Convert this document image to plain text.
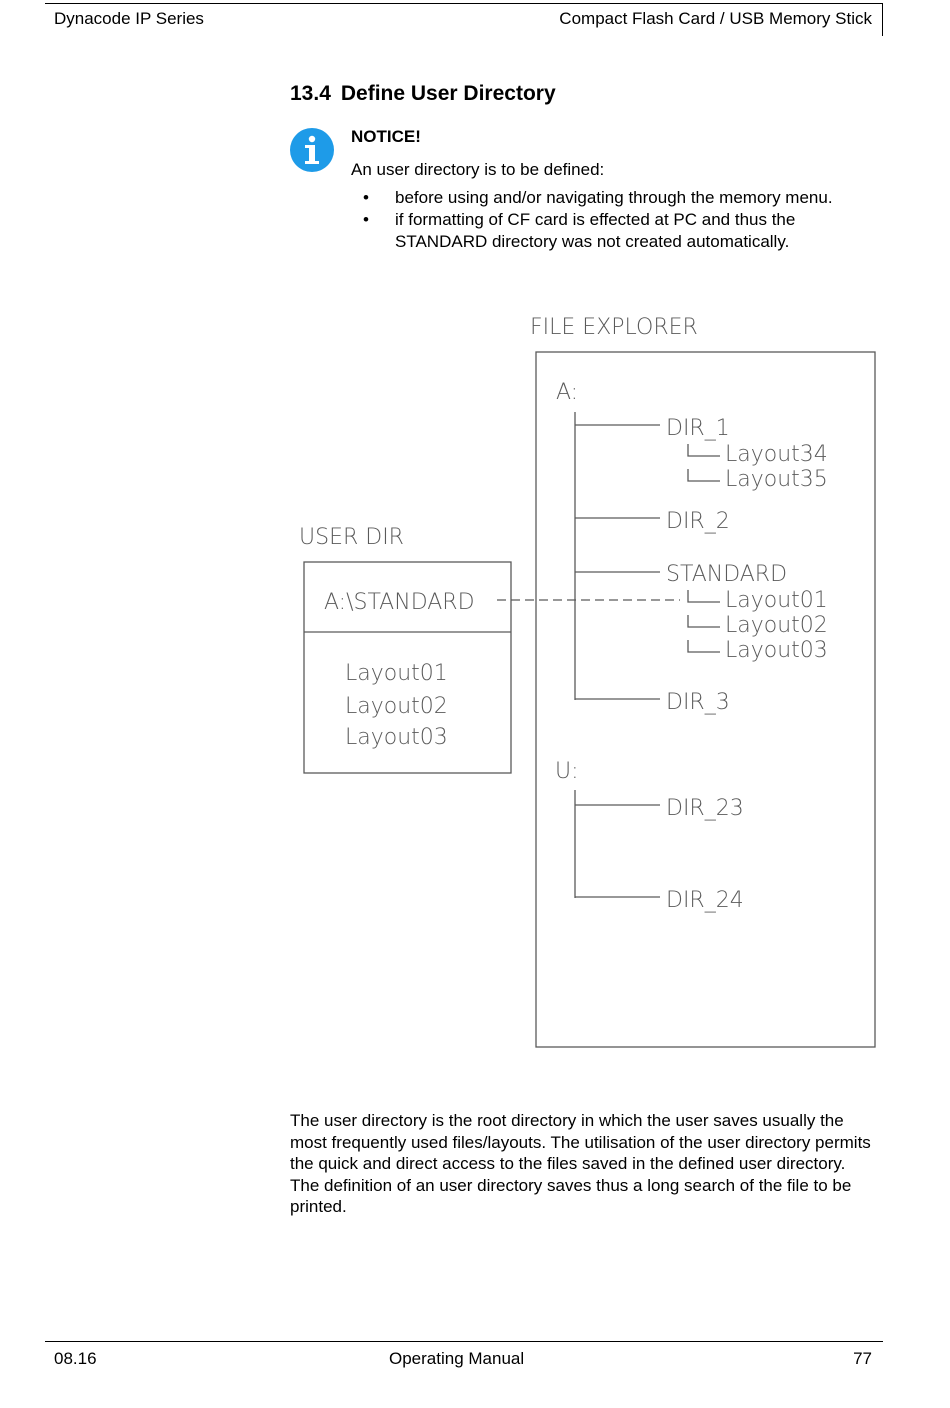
Dynacode IP Series	Compact Flash Card / USB Memory Stick
13.4 Define User Directory
NOTICE!
An user directory is to be defined:
• before using and/or navigating through the memory menu.
• if formatting of CF card is effected at PC and thus the STANDARD directory was not created automatically.
FILE EXPLORER
USER DIR
A:\STANDARD
Layout01
Layout02
Layout03
A:
DIR_1
Layout34
Layout35
DIR_2
STANDARD
Layout01
Layout02
Layout03
DIR_3
U:
DIR_23
DIR_24
The user directory is the root directory in which the user saves usually the most frequently used files/layouts. The utilisation of the user directory permits the quick and direct access to the files saved in the defined user directory. The definition of an user directory saves thus a long search of the file to be printed.
08.16	Operating Manual	77
